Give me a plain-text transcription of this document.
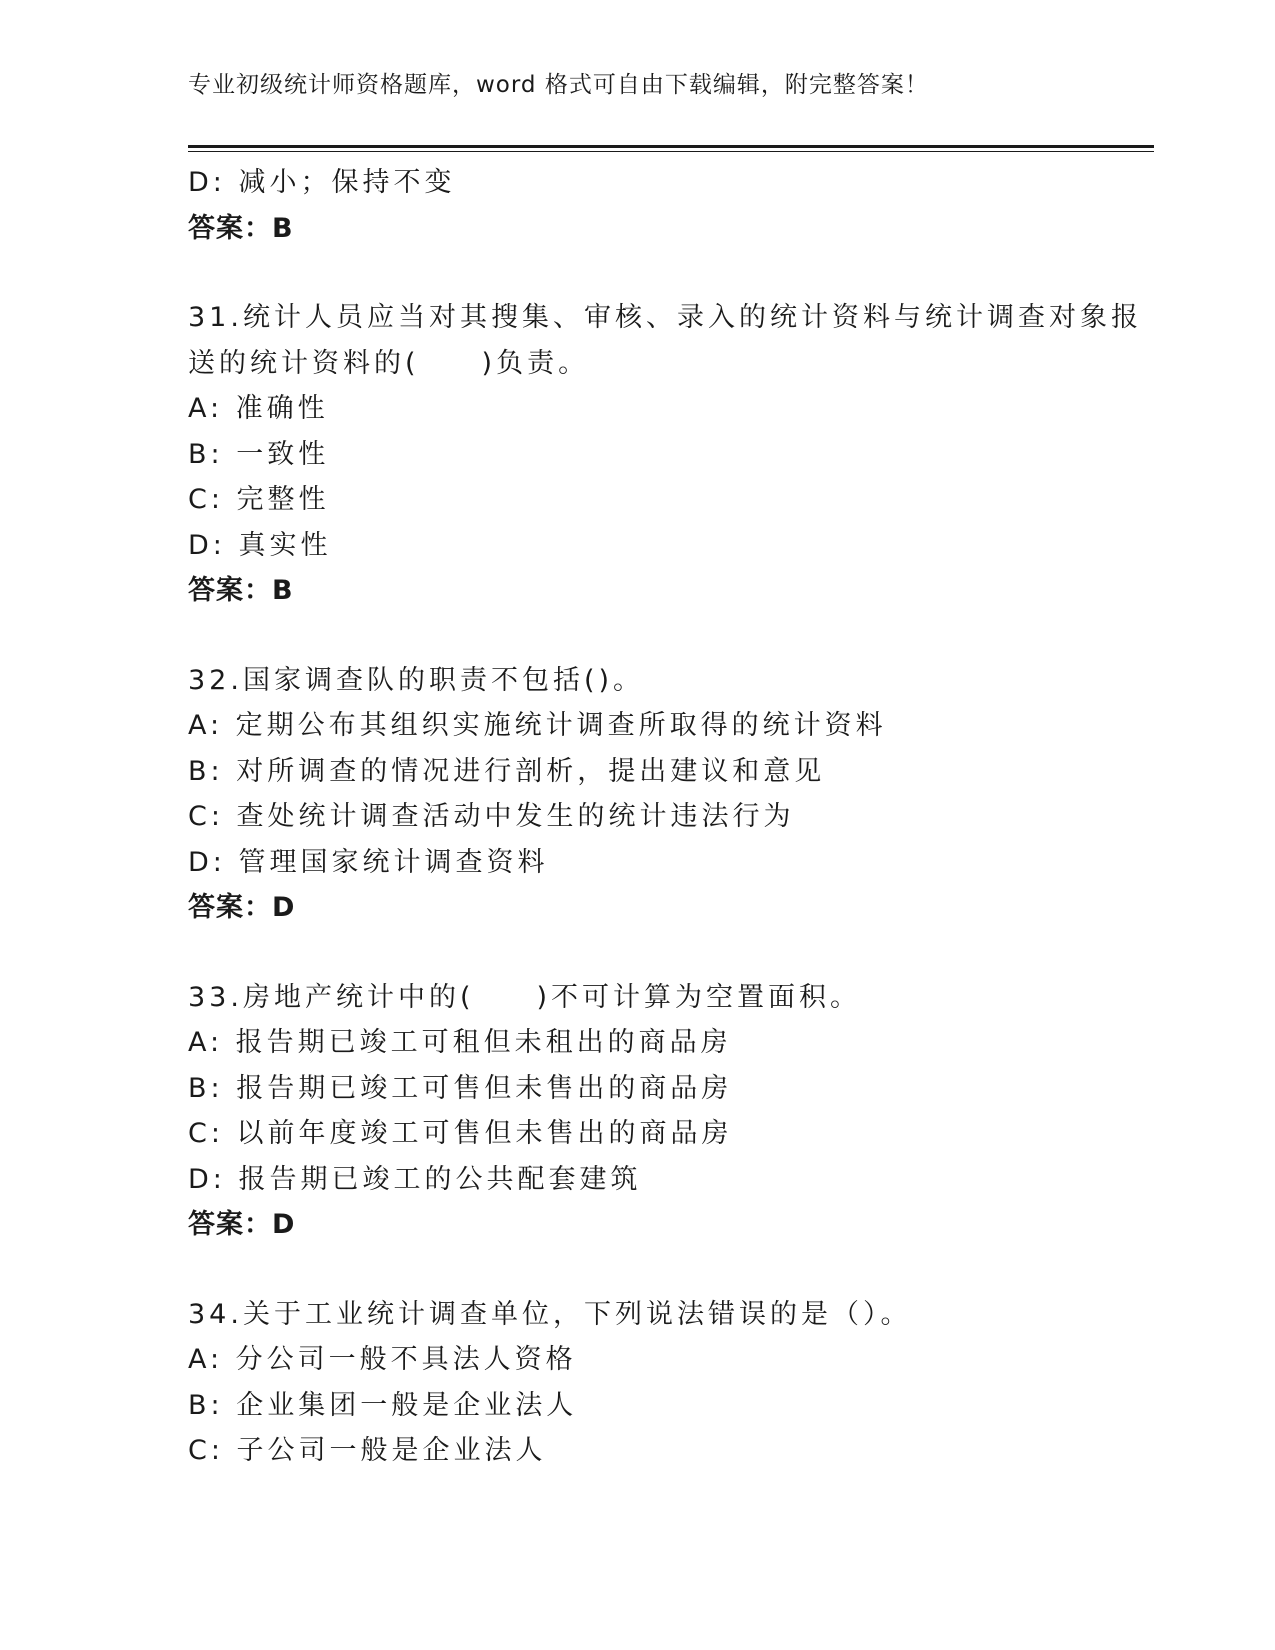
专业初级统计师资格题库，word 格式可自由下载编辑，附完整答案！
D: 减小；保持不变
答案：B
31.统计人员应当对其搜集、审核、录入的统计资料与统计调查对象报
送的统计资料的(　　)负责。
A: 准确性
B: 一致性
C: 完整性
D: 真实性
答案：B
32.国家调查队的职责不包括()。
A: 定期公布其组织实施统计调查所取得的统计资料
B: 对所调查的情况进行剖析，提出建议和意见
C: 查处统计调查活动中发生的统计违法行为
D: 管理国家统计调查资料
答案：D
33.房地产统计中的(　　)不可计算为空置面积。
A: 报告期已竣工可租但未租出的商品房
B: 报告期已竣工可售但未售出的商品房
C: 以前年度竣工可售但未售出的商品房
D: 报告期已竣工的公共配套建筑
答案：D
34.关于工业统计调查单位，下列说法错误的是（）。
A: 分公司一般不具法人资格
B: 企业集团一般是企业法人
C: 子公司一般是企业法人
